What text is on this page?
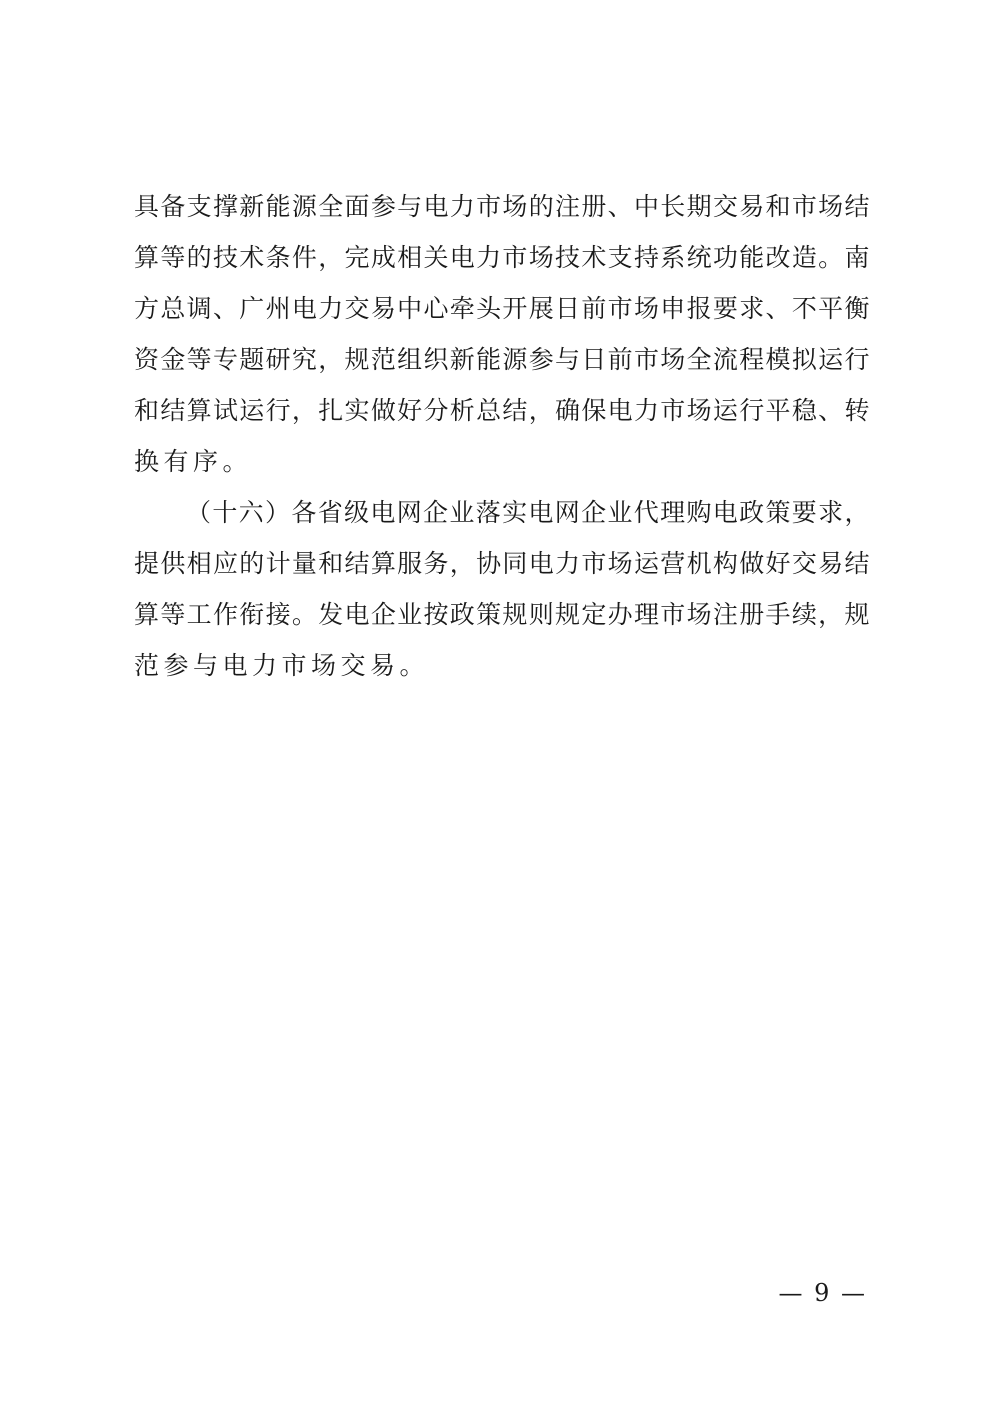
具备支撑新能源全面参与电力市场的注册、中长期交易和市场结
算等的技术条件，完成相关电力市场技术支持系统功能改造。南
方总调、广州电力交易中心牵头开展日前市场申报要求、不平衡
资金等专题研究，规范组织新能源参与日前市场全流程模拟运行
和结算试运行，扎实做好分析总结，确保电力市场运行平稳、转
换有序。
（十六）各省级电网企业落实电网企业代理购电政策要求，
提供相应的计量和结算服务，协同电力市场运营机构做好交易结
算等工作衔接。发电企业按政策规则规定办理市场注册手续，规
范参与电力市场交易。
— 9 —
